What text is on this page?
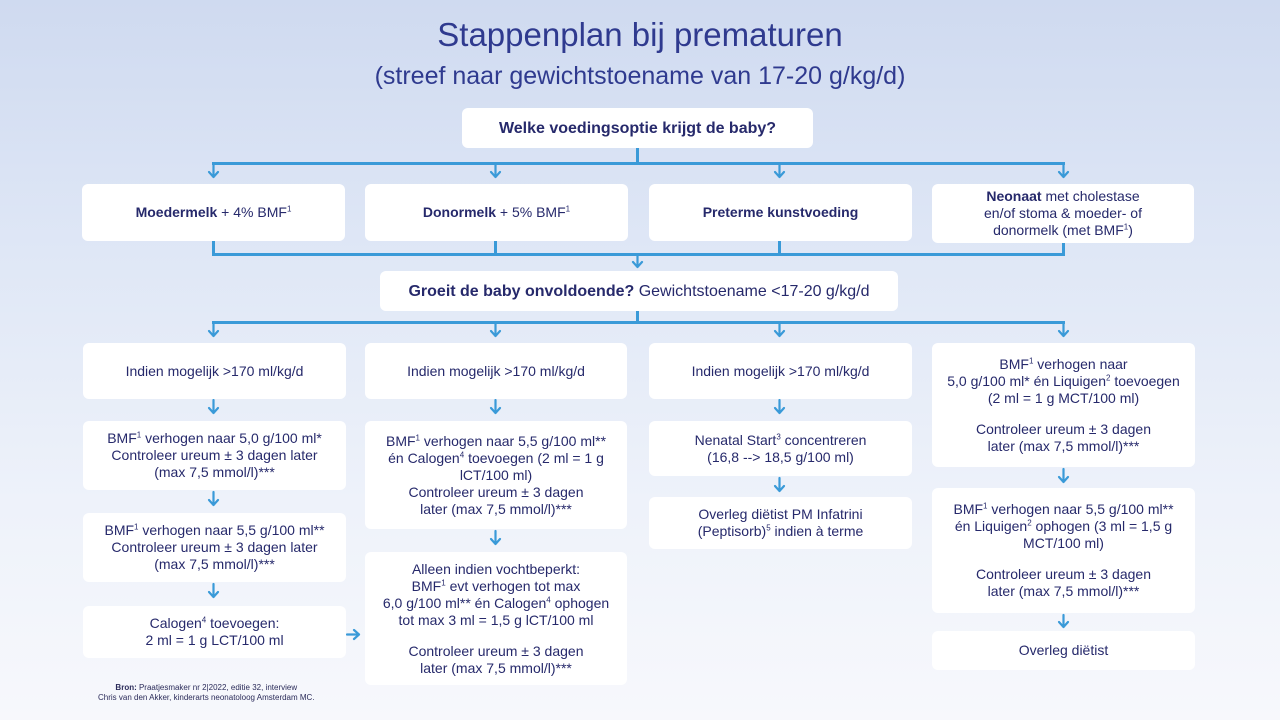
Stappenplan bij prematuren
(streef naar gewichtstoename van 17-20 g/kg/d)

Welke voedingsoptie krijgt de baby?

Moedermelk + 4% BMF$^1$	Donormelk + 5% BMF$^1$	Preterme kunstvoeding

Neonaat met cholestase

en/of stoma & moeder- of

donormelk (met BMF$^1$)

Groeit de baby onvoldoende? Gewichtstoename <17-20 g/kg/d

Indien mogelijk >170 ml/kg/d

BMF$^1$ verhogen naar 5,0 g/100 ml*

Controleer ureum ± 3 dagen later

(max 7,5 mmol/l)***

BMF$^1$ verhogen naar 5,5 g/100 ml**

Controleer ureum ± 3 dagen later

(max 7,5 mmol/l)***

Calogen$^4$ toevoegen:

2 ml = 1 g LCT/100 ml

Indien mogelijk >170 ml/kg/d

BMF$^1$ verhogen naar 5,5 g/100 ml**

én Calogen$^4$ toevoegen (2 ml = 1 g

lCT/100 ml)

Controleer ureum ± 3 dagen

later (max 7,5 mmol/l)***

Alleen indien vochtbeperkt:

BMF$^1$ evt verhogen tot max

6,0 g/100 ml** én Calogen$^4$ ophogen

tot max 3 ml = 1,5 g lCT/100 ml

Controleer ureum ± 3 dagen

later (max 7,5 mmol/l)***

Indien mogelijk >170 ml/kg/d

Nenatal Start$^3$ concentreren

(16,8 --> 18,5 g/100 ml)

Overleg diëtist PM Infatrini

(Peptisorb)$^5$ indien à terme

BMF$^1$ verhogen naar

5,0 g/100 ml* én Liquigen$^2$ toevoegen

(2 ml = 1 g MCT/100 ml)

Controleer ureum ± 3 dagen

later (max 7,5 mmol/l)***

BMF$^1$ verhogen naar 5,5 g/100 ml**

én Liquigen$^2$ ophogen (3 ml = 1,5 g

MCT/100 ml)

Controleer ureum ± 3 dagen

later (max 7,5 mmol/l)***

Overleg diëtist

Bron: Praatjesmaker nr 2|2022, editie 32, interview
Chris van den Akker, kinderarts neonatoloog Amsterdam MC.
